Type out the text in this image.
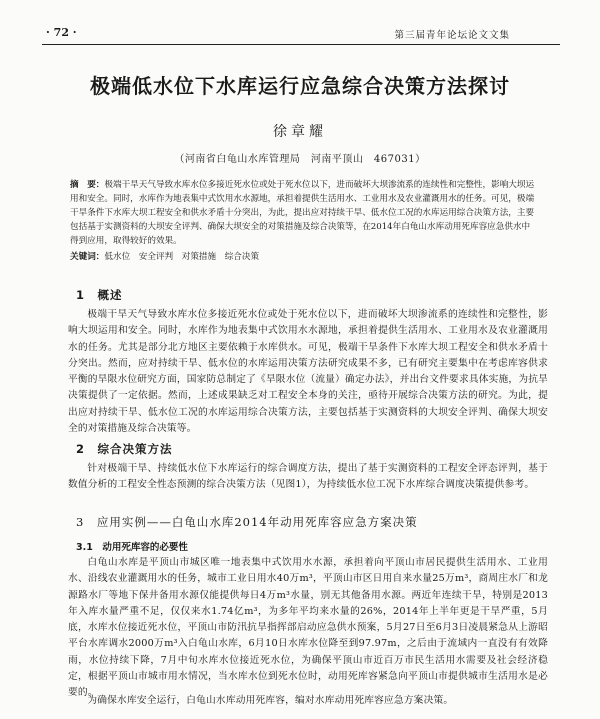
· 72 ·	第三届青年论坛论文文集
极端低水位下水库运行应急综合决策方法探讨
徐章耀
（河南省白龟山水库管理局　河南平顶山　467031）
摘　要：极端干旱天气导致水库水位多接近死水位或处于死水位以下，进而破坏大坝渗流系的连续性和完整性，影响大坝运用和安全。同时，水库作为地表集中式饮用水水源地，承担着提供生活用水、工业用水及农业灌溉用水的任务。可见，极端干旱条件下水库大坝工程安全和供水矛盾十分突出，为此，提出应对持续干旱、低水位工况的水库运用综合决策方法，主要包括基于实测资料的大坝安全评判、确保大坝安全的对策措施及综合决策等，在2014年白龟山水库动用死库容应急供水中得到应用，取得较好的效果。
关键词：低水位　安全评判　对策措施　综合决策
1　概述
极端干旱天气导致水库水位多接近死水位或处于死水位以下，进而破坏大坝渗流系的连续性和完整性，影响大坝运用和安全。同时，水库作为地表集中式饮用水水源地，承担着提供生活用水、工业用水及农业灌溉用水的任务。尤其是部分北方地区主要依赖于水库供水。可见，极端干旱条件下水库大坝工程安全和供水矛盾十分突出。然而，应对持续干旱、低水位的水库运用决策方法研究成果不多，已有研究主要集中在考虑库容供求平衡的旱限水位研究方面，国家防总制定了《旱限水位（流量）确定办法》，并出台文件要求具体实施，为抗旱决策提供了一定依据。然而，上述成果缺乏对工程安全本身的关注，亟待开展综合决策方法的研究。为此，提出应对持续干旱、低水位工况的水库运用综合决策方法，主要包括基于实测资料的大坝安全评判、确保大坝安全的对策措施及综合决策等。
2　综合决策方法
针对极端干旱、持续低水位下水库运行的综合调度方法，提出了基于实测资料的工程安全评态评判，基于数值分析的工程安全性态预测的综合决策方法（见图1），为持续低水位工况下水库综合调度决策提供参考。
3　应用实例——白龟山水库2014年动用死库容应急方案决策
3.1　动用死库容的必要性
白龟山水库是平顶山市城区唯一地表集中式饮用水水源，承担着向平顶山市居民提供生活用水、工业用水、沿线农业灌溉用水的任务，城市工业日用水40万m³，平顶山市区日用自来水量25万m³，商周庄水厂和龙源路水厂等地下保井备用水源仅能提供每日4万m³水量，别无其他备用水源。两近年连续干旱，特别是2013年入库水量严重不足，仅仅来水1.74亿m³，为多年平均来水量的26%，2014年上半年更是干旱严重，5月底，水库水位接近死水位，平顶山市防汛抗旱指挥部启动应急供水预案，5月27日至6月3日凌晨紧急从上游昭平台水库调水2000万m³入白龟山水库，6月10日水库水位降至到97.97m，之后由于流域内一直没有有效降雨，水位持续下降，7月中旬水库水位接近死水位，为确保平顶山市近百万市民生活用水需要及社会经济稳定，根据平顶山市城市用水情况，当水库水位到死水位时，动用死库容紧急向平顶山市提供城市生活用水是必要的。
为确保水库安全运行，白龟山水库动用死库容，编对水库动用死库容应急方案决策。
